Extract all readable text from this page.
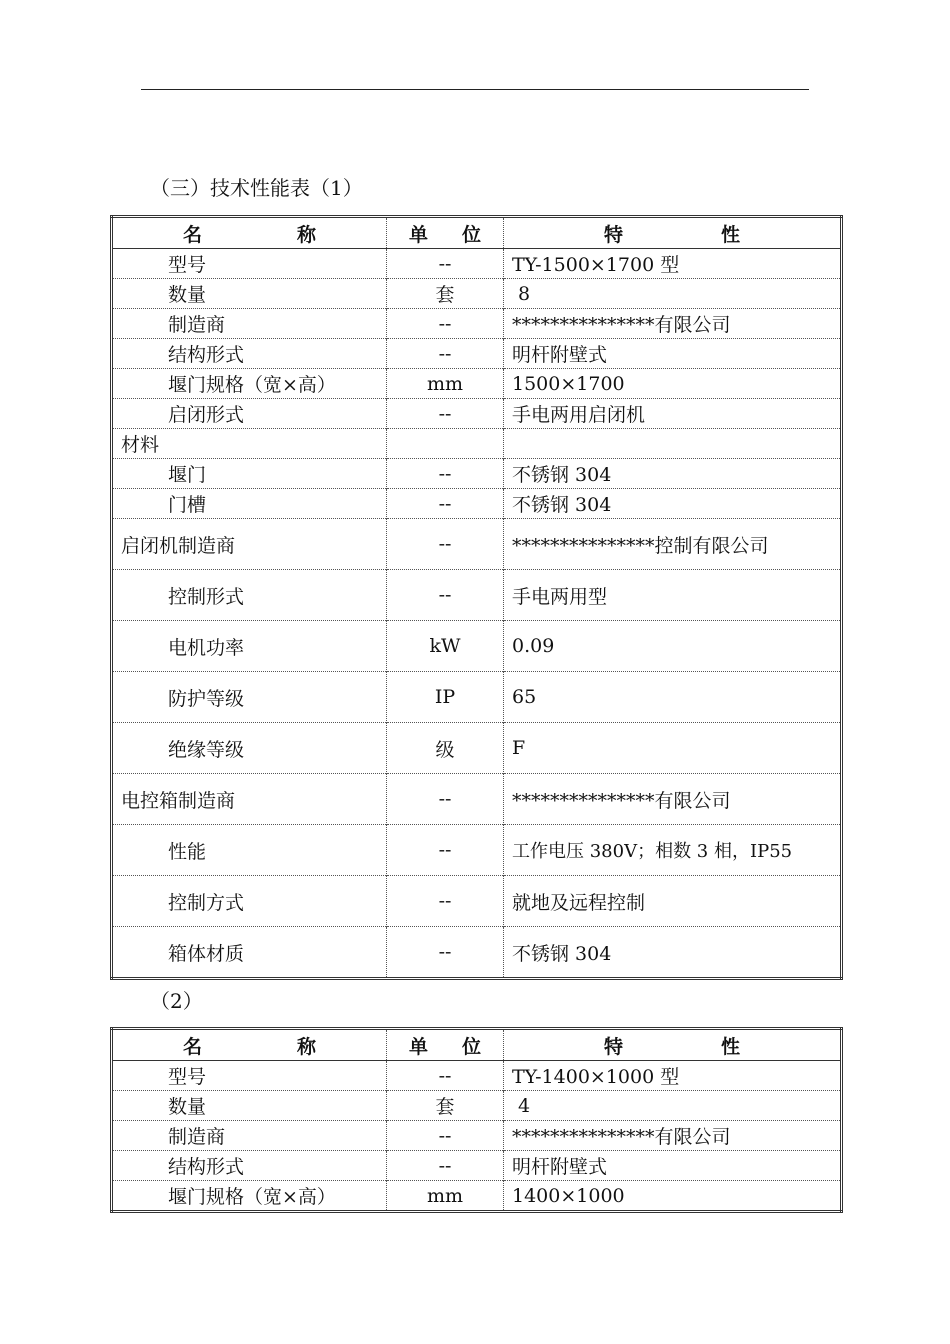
（三）技术性能表（1）
名 称	单 位	特 性

型号	--	TY-1500×1700 型
数量	套	8
制造商	--	***************有限公司
结构形式	--	明杆附壁式
堰门规格（宽×高）	mm	1500×1700
启闭形式	--	手电两用启闭机
材料		
堰门	--	不锈钢 304
门槽	--	不锈钢 304
启闭机制造商	--	***************控制有限公司
控制形式	--	手电两用型
电机功率	kW	0.09
防护等级	IP	65
绝缘等级	级	F
电控箱制造商	--	***************有限公司
性能	--	工作电压 380V；相数 3 相，IP55
控制方式	--	就地及远程控制
箱体材质	--	不锈钢 304
（2）
名 称	单 位	特 性

型号	--	TY-1400×1000 型
数量	套	4
制造商	--	***************有限公司
结构形式	--	明杆附壁式
堰门规格（宽×高）	mm	1400×1000
